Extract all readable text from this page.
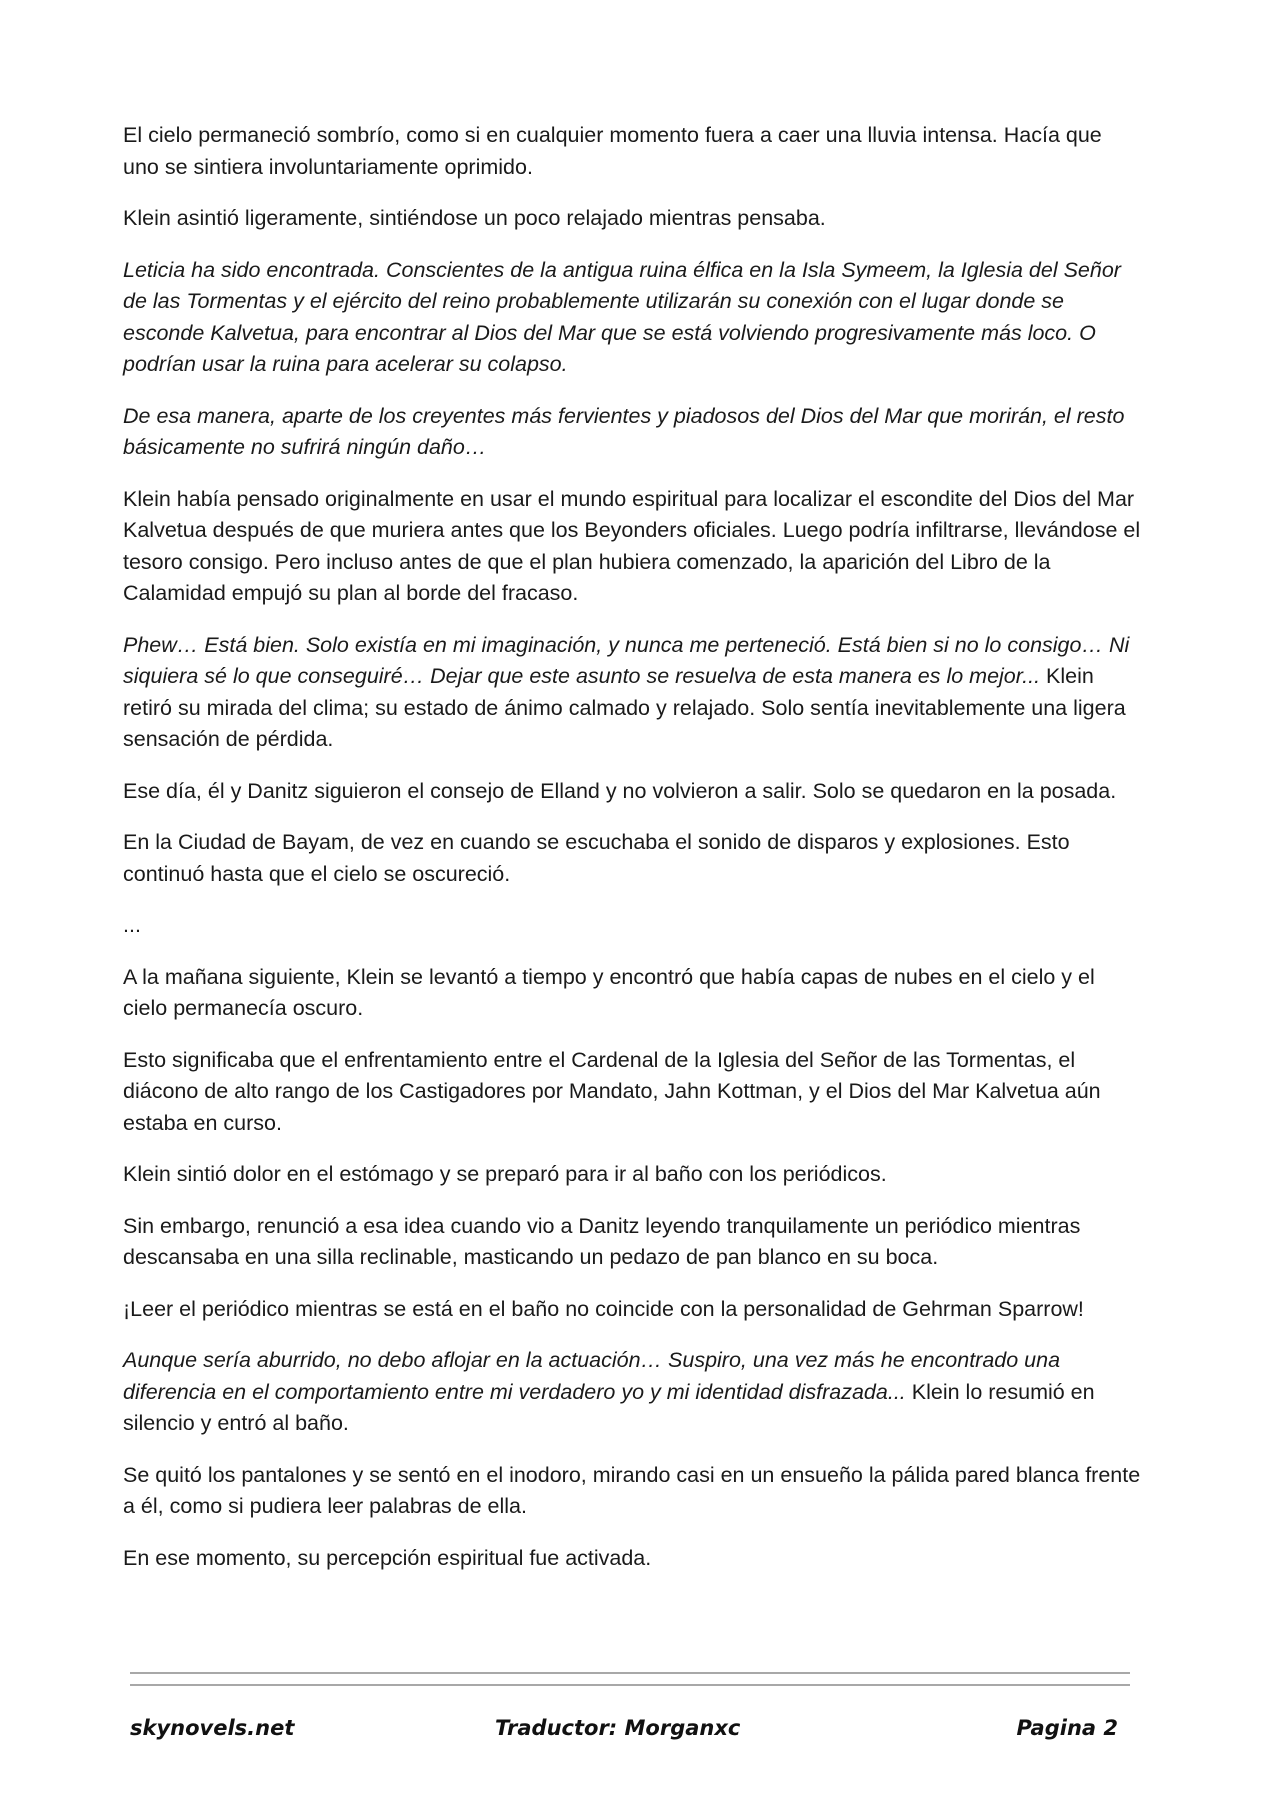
El cielo permaneció sombrío, como si en cualquier momento fuera a caer una lluvia intensa. Hacía que uno se sintiera involuntariamente oprimido.

Klein asintió ligeramente, sintiéndose un poco relajado mientras pensaba.

Leticia ha sido encontrada. Conscientes de la antigua ruina élfica en la Isla Symeem, la Iglesia del Señor de las Tormentas y el ejército del reino probablemente utilizarán su conexión con el lugar donde se esconde Kalvetua, para encontrar al Dios del Mar que se está volviendo progresivamente más loco. O podrían usar la ruina para acelerar su colapso.

De esa manera, aparte de los creyentes más fervientes y piadosos del Dios del Mar que morirán, el resto básicamente no sufrirá ningún daño…

Klein había pensado originalmente en usar el mundo espiritual para localizar el escondite del Dios del Mar Kalvetua después de que muriera antes que los Beyonders oficiales. Luego podría infiltrarse, llevándose el tesoro consigo. Pero incluso antes de que el plan hubiera comenzado, la aparición del Libro de la Calamidad empujó su plan al borde del fracaso.

Phew… Está bien. Solo existía en mi imaginación, y nunca me perteneció. Está bien si no lo consigo… Ni siquiera sé lo que conseguiré… Dejar que este asunto se resuelva de esta manera es lo mejor... Klein retiró su mirada del clima; su estado de ánimo calmado y relajado. Solo sentía inevitablemente una ligera sensación de pérdida.

Ese día, él y Danitz siguieron el consejo de Elland y no volvieron a salir. Solo se quedaron en la posada.

En la Ciudad de Bayam, de vez en cuando se escuchaba el sonido de disparos y explosiones. Esto continuó hasta que el cielo se oscureció.

...

A la mañana siguiente, Klein se levantó a tiempo y encontró que había capas de nubes en el cielo y el cielo permanecía oscuro.

Esto significaba que el enfrentamiento entre el Cardenal de la Iglesia del Señor de las Tormentas, el diácono de alto rango de los Castigadores por Mandato, Jahn Kottman, y el Dios del Mar Kalvetua aún estaba en curso.

Klein sintió dolor en el estómago y se preparó para ir al baño con los periódicos.

Sin embargo, renunció a esa idea cuando vio a Danitz leyendo tranquilamente un periódico mientras descansaba en una silla reclinable, masticando un pedazo de pan blanco en su boca.

¡Leer el periódico mientras se está en el baño no coincide con la personalidad de Gehrman Sparrow!

Aunque sería aburrido, no debo aflojar en la actuación… Suspiro, una vez más he encontrado una diferencia en el comportamiento entre mi verdadero yo y mi identidad disfrazada... Klein lo resumió en silencio y entró al baño.

Se quitó los pantalones y se sentó en el inodoro, mirando casi en un ensueño la pálida pared blanca frente a él, como si pudiera leer palabras de ella.

En ese momento, su percepción espiritual fue activada.

skynovels.net	Traductor: Morganxc	Pagina 2
